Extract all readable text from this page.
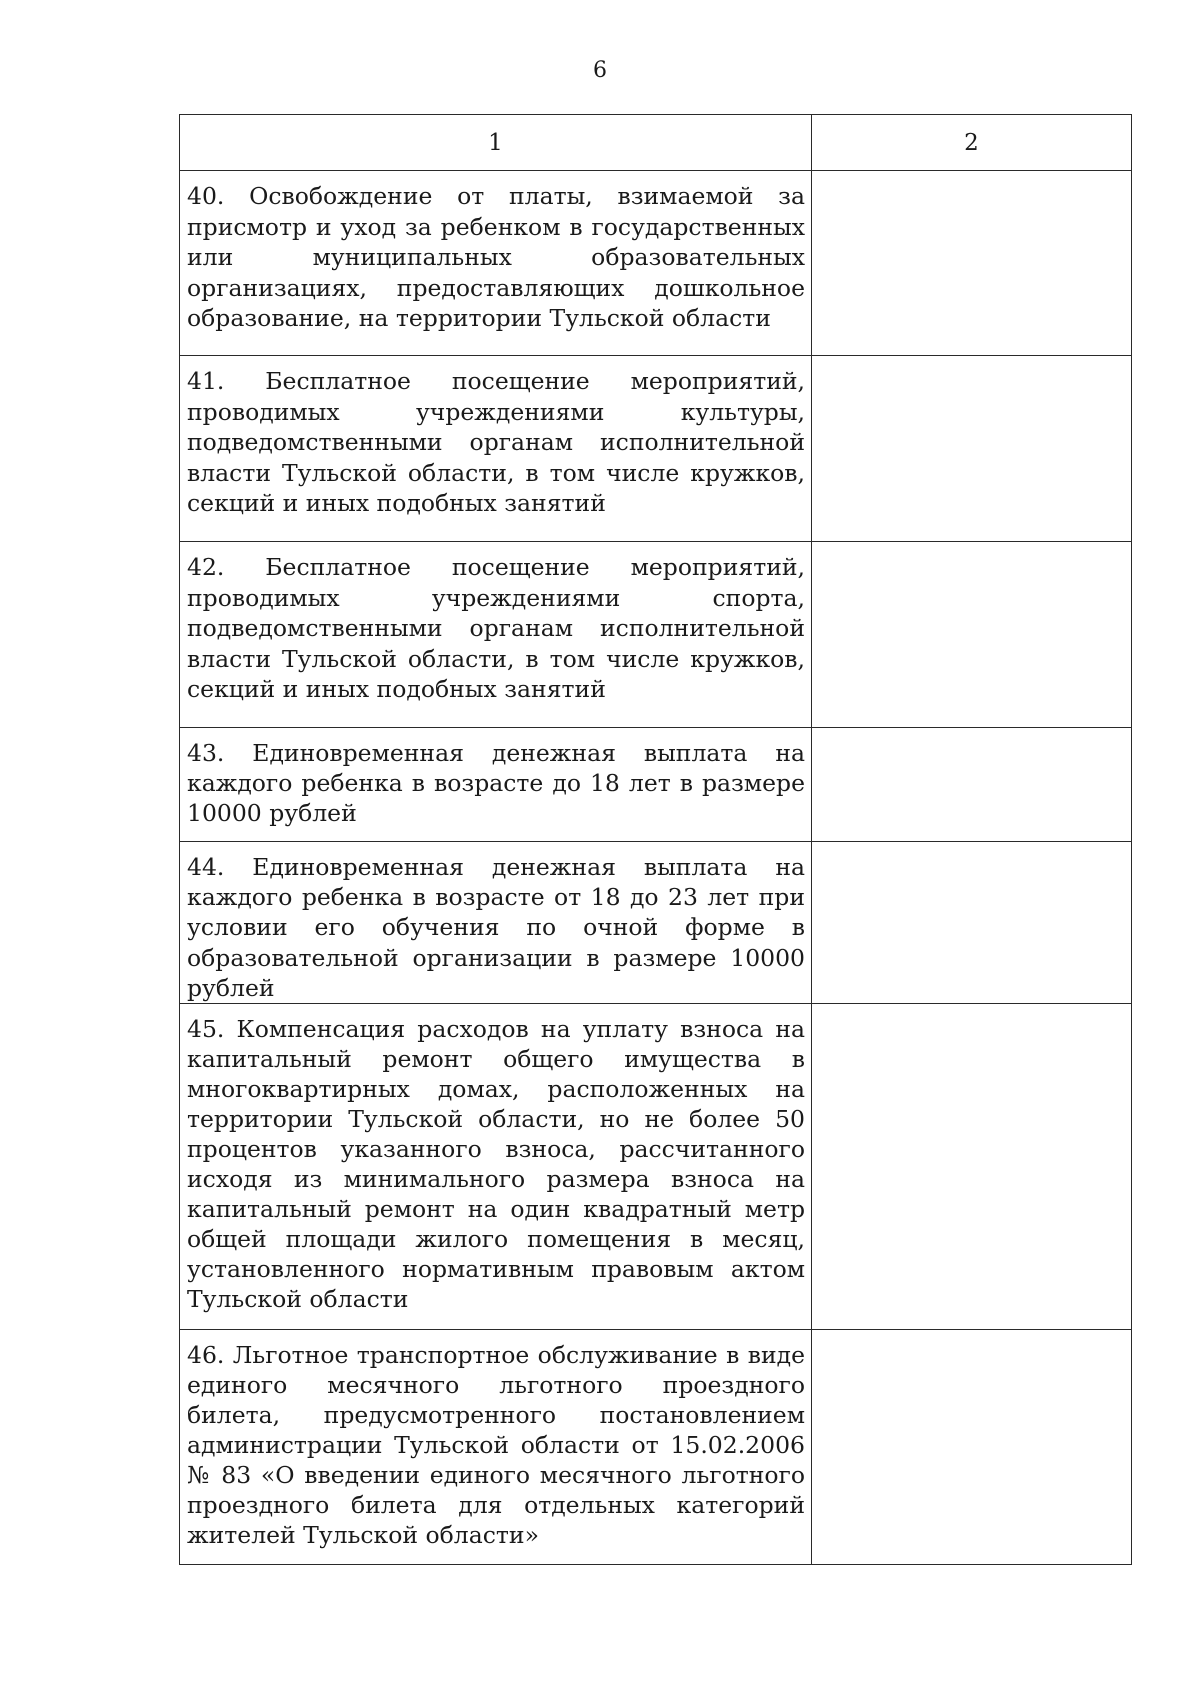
6
1	2

40. Освобождение от платы, взимаемой за присмотр и уход за ребенком в государственных или муниципальных образовательных организациях, предоставляющих дошкольное образование, на территории Тульской области	

41. Бесплатное посещение мероприятий, проводимых учреждениями культуры, подведомственными органам исполнительной власти Тульской области, в том числе кружков, секций и иных подобных занятий	

42. Бесплатное посещение мероприятий, проводимых учреждениями спорта, подведомственными органам исполнительной власти Тульской области, в том числе кружков, секций и иных подобных занятий	

43. Единовременная денежная выплата на каждого ребенка в возрасте до 18 лет в размере 10000 рублей	

44. Единовременная денежная выплата на каждого ребенка в возрасте от 18 до 23 лет при условии его обучения по очной форме в образовательной организации в размере 10000 рублей	

45. Компенсация расходов на уплату взноса на капитальный ремонт общего имущества в многоквартирных домах, расположенных на территории Тульской области, но не более 50 процентов указанного взноса, рассчитанного исходя из минимального размера взноса на капитальный ремонт на один квадратный метр общей площади жилого помещения в месяц, установленного нормативным правовым актом Тульской области	

46. Льготное транспортное обслуживание в виде единого месячного льготного проездного билета, предусмотренного постановлением администрации Тульской области от 15.02.2006 № 83 «О введении единого месячного льготного проездного билета для отдельных категорий жителей Тульской области»	
